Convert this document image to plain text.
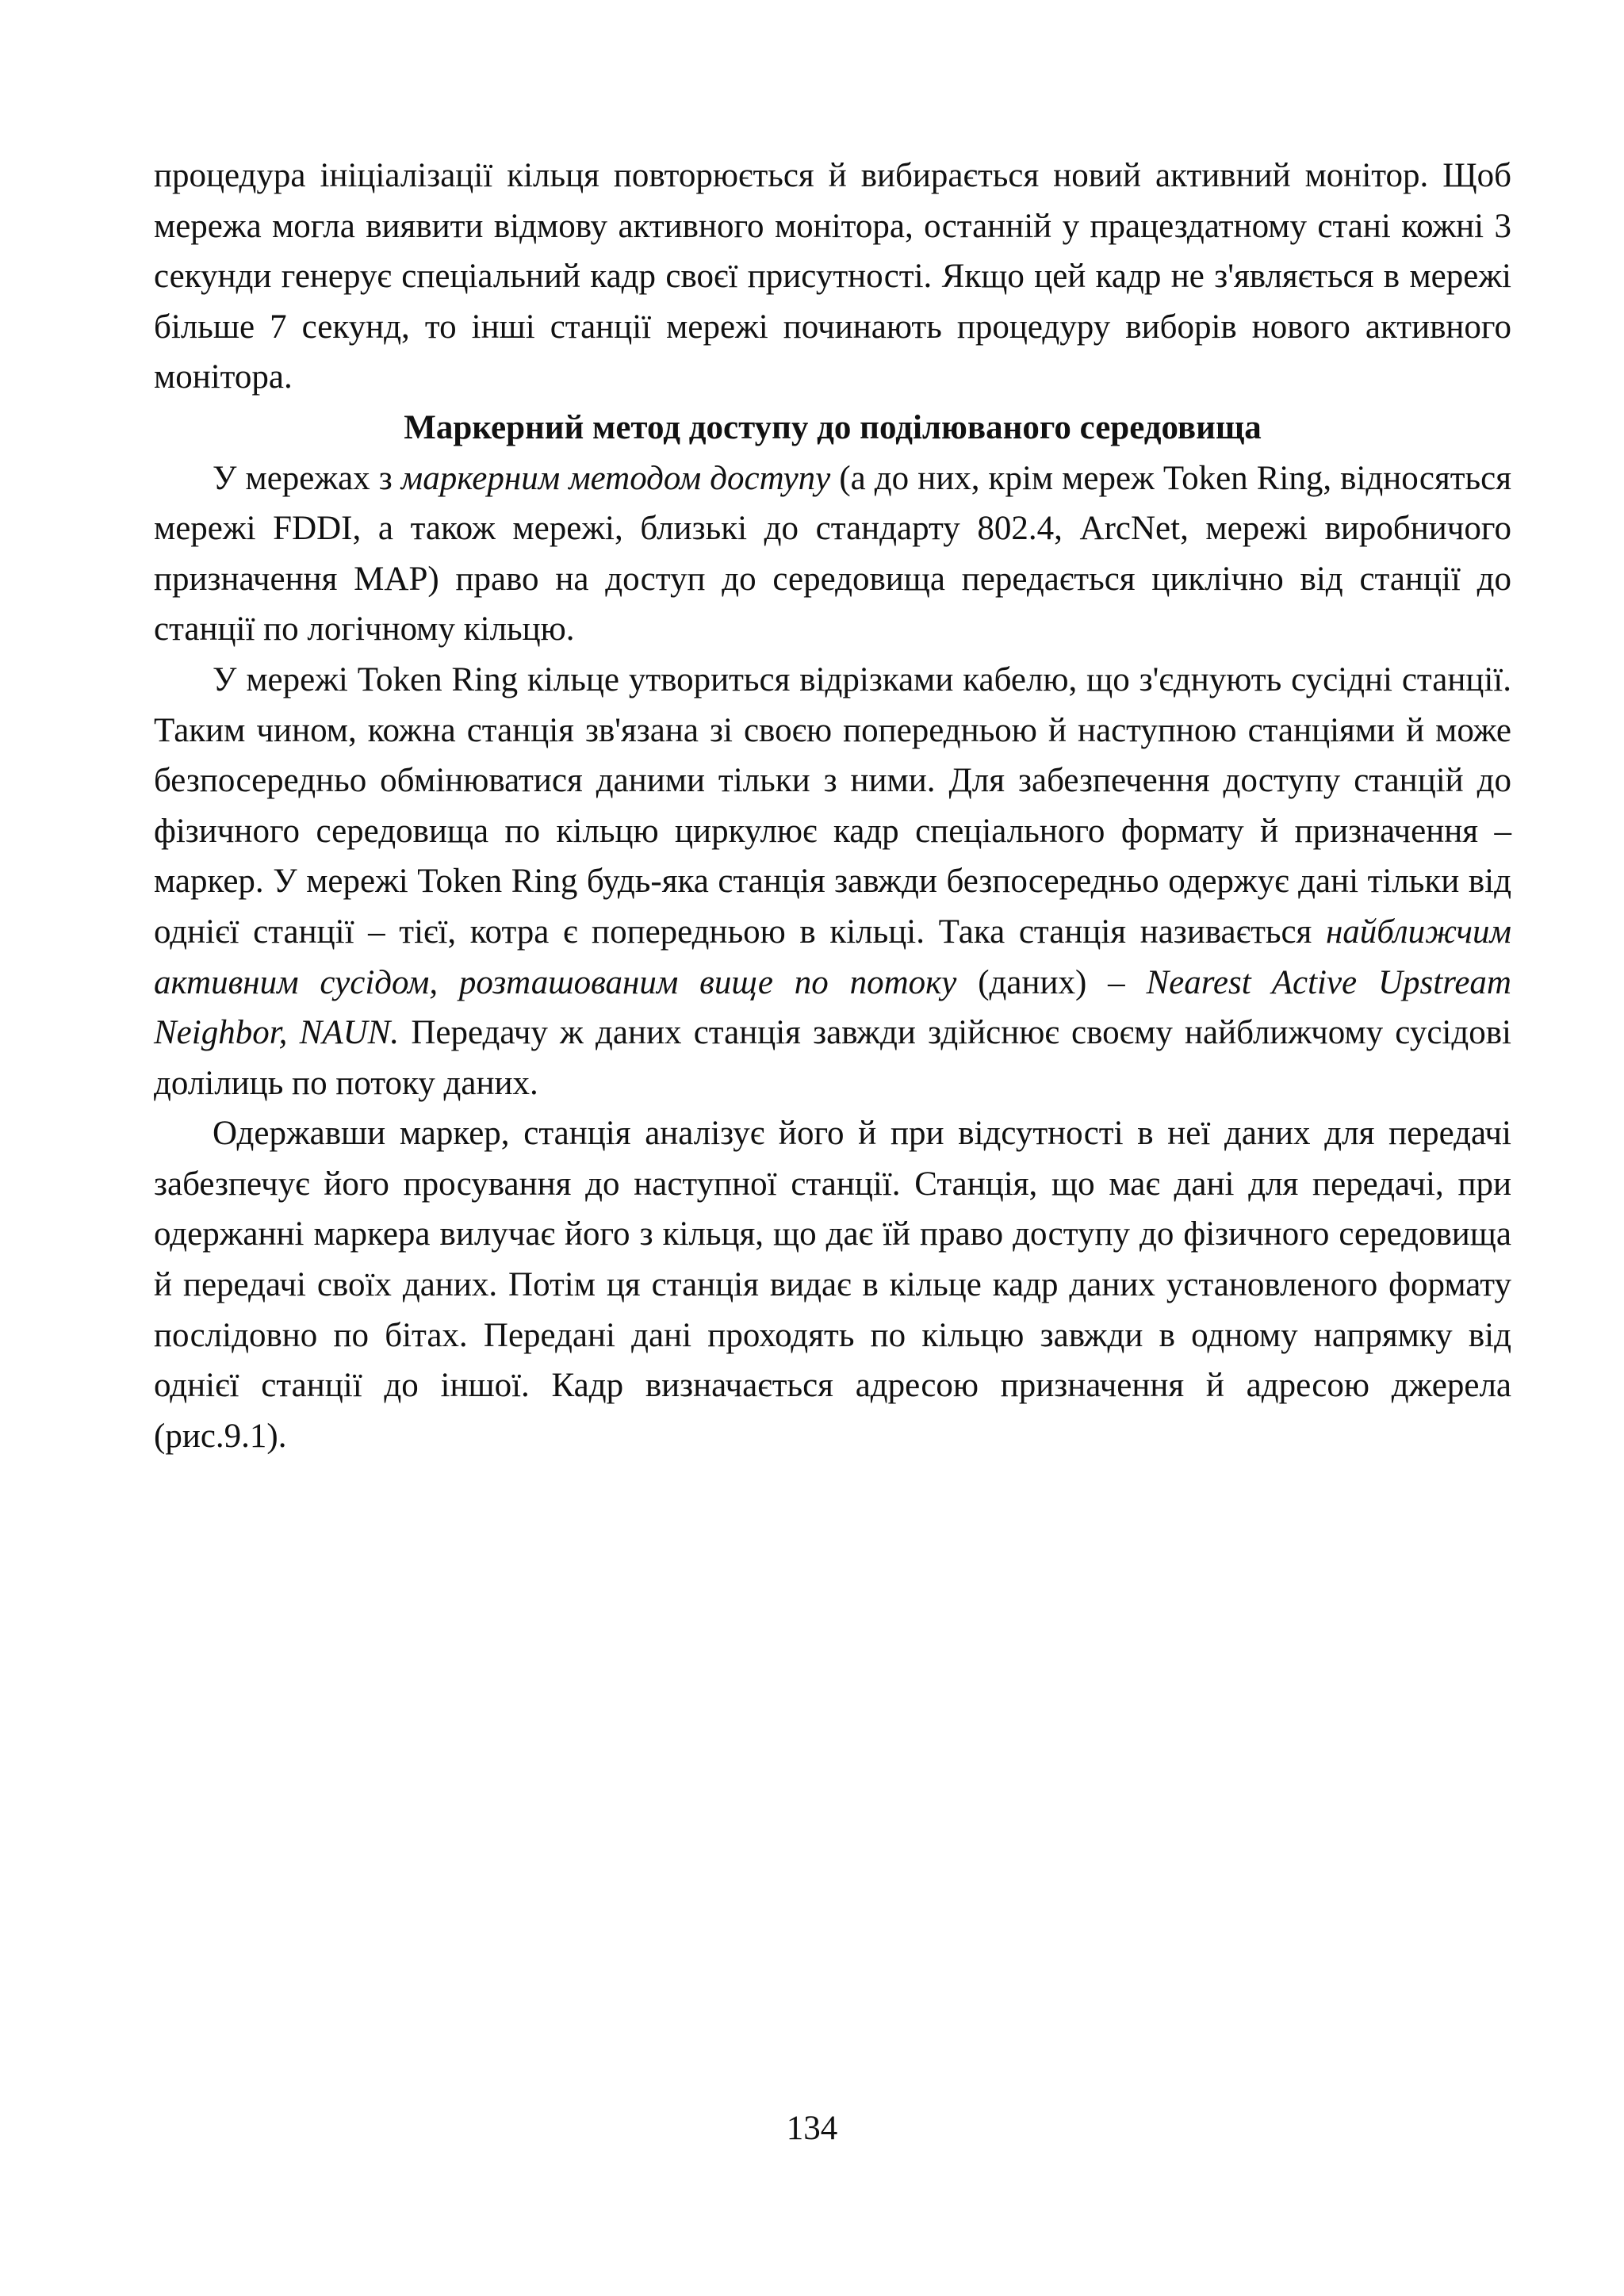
процедура ініціалізації кільця повторюється й вибирається новий активний монітор. Щоб мережа могла виявити відмову активного монітора, останній у працездатному стані кожні 3 секунди генерує спеціальний кадр своєї присутності. Якщо цей кадр не з'являється в мережі більше 7 секунд, то інші станції мережі починають процедуру виборів нового активного монітора.

Маркерний метод доступу до поділюваного середовища

У мережах з маркерним методом доступу (а до них, крім мереж Token Ring, відносяться мережі FDDI, а також мережі, близькі до стандарту 802.4, ArcNet, мережі виробничого призначення MAP) право на доступ до середовища передається циклічно від станції до станції по логічному кільцю.

У мережі Token Ring кільце утвориться відрізками кабелю, що з'єднують сусідні станції. Таким чином, кожна станція зв'язана зі своєю попередньою й наступною станціями й може безпосередньо обмінюватися даними тільки з ними. Для забезпечення доступу станцій до фізичного середовища по кільцю циркулює кадр спеціального формату й призначення – маркер. У мережі Token Ring будь-яка станція завжди безпосередньо одержує дані тільки від однієї станції – тієї, котра є попередньою в кільці. Така станція називається найближчим активним сусідом, розташованим вище по потоку (даних) – Nearest Active Upstream Neighbor, NAUN. Передачу ж даних станція завжди здійснює своєму найближчому сусідові долілиць по потоку даних.

Одержавши маркер, станція аналізує його й при відсутності в неї даних для передачі забезпечує його просування до наступної станції. Станція, що має дані для передачі, при одержанні маркера вилучає його з кільця, що дає їй право доступу до фізичного середовища й передачі своїх даних. Потім ця станція видає в кільце кадр даних установленого формату послідовно по бітах. Передані дані проходять по кільцю завжди в одному напрямку від однієї станції до іншої. Кадр визначається адресою призначення й адресою джерела (рис.9.1).

134
